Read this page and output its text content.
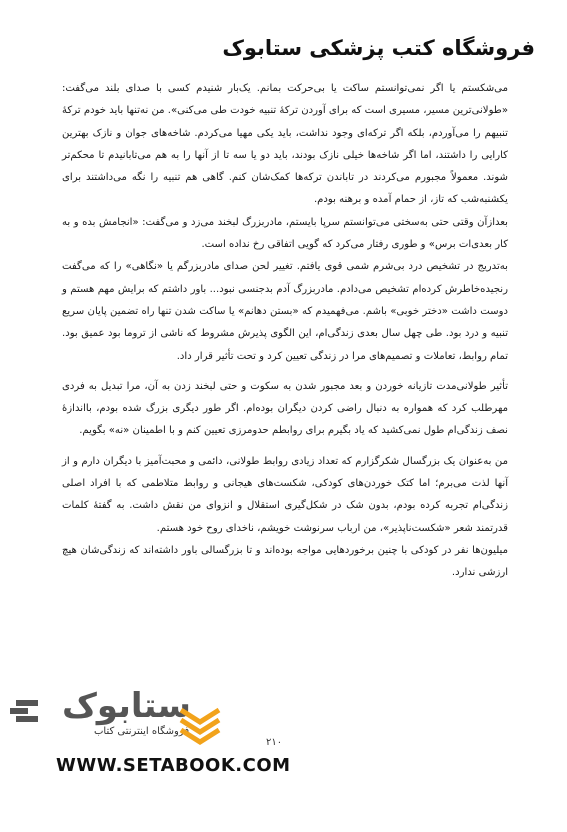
فروشگاه کتب پزشکی ستابوک

می‌شکستم یا اگر نمی‌توانستم ساکت یا بی‌حرکت بمانم. یک‌بار شنیدم کسی با صدای بلند می‌گفت: «طولانی‌ترین مسیر، مسیری است که برای آوردن ترکهٔ تنبیه خودت طی می‌کنی». من نه‌تنها باید خودم ترکهٔ تنبیهم را می‌آوردم، بلکه اگر ترکه‌ای وجود نداشت، باید یکی مهیا می‌کردم. شاخه‌های جوان و نازک بهترین کارایی را داشتند، اما اگر شاخه‌ها خیلی نازک بودند، باید دو یا سه تا از آنها را به هم می‌تابانیدم تا محکم‌تر شوند. معمولاً مجبورم می‌کردند در تاباندن ترکه‌ها کمک‌شان کنم. گاهی هم تنبیه را نگه می‌داشتند برای یکشنبه‌شب که تاز، از حمام آمده و برهنه بودم.

بعدازآن وقتی حتی به‌سختی می‌توانستم سرپا بایستم، مادربزرگ لبخند می‌زد و می‌گفت: «انجامش بده و به کار بعدی‌ات برس» و طوری رفتار می‌کرد که گویی اتفاقی رخ نداده است.

به‌تدریج در تشخیص درد بی‌شرم شمی قوی یافتم. تغییر لحن صدای مادربزرگم یا «نگاهی» را که می‌گفت رنجیده‌خاطرش کرده‌ام تشخیص می‌دادم. مادربزرگ آدم بدجنسی نبود... باور داشتم که برایش مهم هستم و دوست داشت «دختر خوبی» باشم. می‌فهمیدم که «بستن دهانم» یا ساکت شدن تنها راه تضمین پایان سریع تنبیه و درد بود. طی چهل سال بعدی زندگی‌ام، این الگوی پذیرش مشروط که ناشی از تروما بود عمیق بود. تمام روابط، تعاملات و تصمیم‌های مرا در زندگی تعیین کرد و تحت تأثیر قرار داد.

تأثیر طولانی‌مدت تازیانه خوردن و بعد مجبور شدن به سکوت و حتی لبخند زدن به آن، مرا تبدیل به فردی مهرطلب کرد که همواره به دنبال راضی کردن دیگران بوده‌ام. اگر طور دیگری بزرگ شده بودم، بااندازهٔ نصف زندگی‌ام طول نمی‌کشید که یاد بگیرم برای روابطم حدومرزی تعیین کنم و با اطمینان «نه» بگویم.

من به‌عنوان یک بزرگسال شکرگزارم که تعداد زیادی روابط طولانی، دائمی و محبت‌آمیز با دیگران دارم و از آنها لذت می‌برم؛ اما کتک خوردن‌های کودکی، شکست‌های هیجانی و روابط متلاطمی که با افراد اصلی زندگی‌ام تجربه کرده بودم، بدون شک در شکل‌گیری استقلال و انزوای من نقش داشت. به گفتهٔ کلمات قدرتمند شعر «شکست‌ناپذیر»، من ارباب سرنوشت خویشم، ناخدای روح خود هستم.

میلیون‌ها نفر در کودکی با چنین برخوردهایی مواجه بوده‌اند و تا بزرگسالی باور داشته‌اند که زندگی‌شان هیچ ارزشی ندارد.

ستابوک
فروشگاه اینترنتی کتاب
WWW.SETABOOK.COM
۲۱۰
